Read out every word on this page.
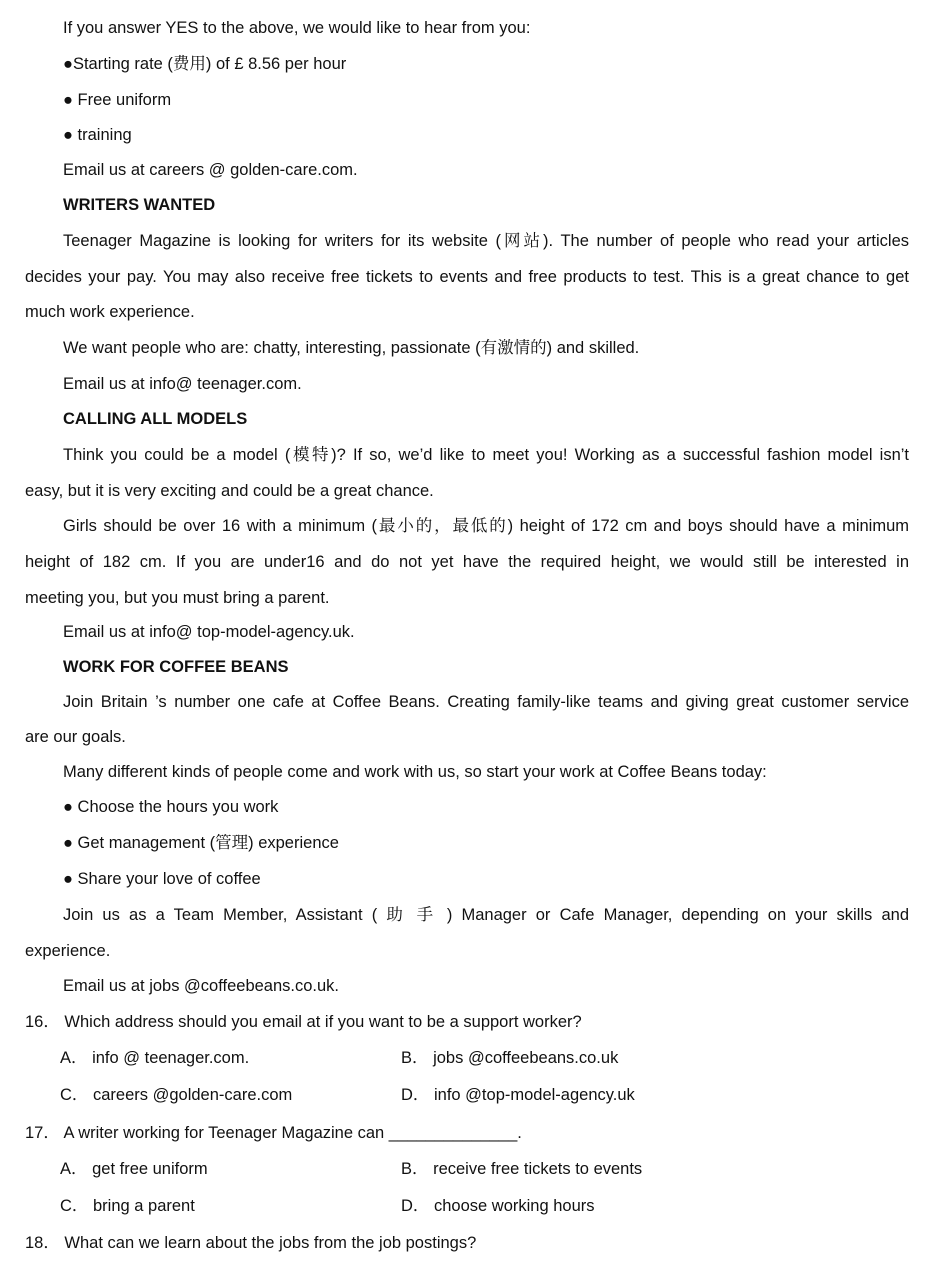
If you answer YES to the above, we would like to hear from you:
●Starting rate (费用) of £ 8.56 per hour
● Free uniform
● training
Email us at careers @ golden-care.com.
WRITERS WANTED
Teenager Magazine is looking for writers for its website (网站). The number of people who read your articles
decides your pay. You may also receive free tickets to events and free products to test. This is a great chance to get
much work experience.
We want people who are: chatty, interesting, passionate (有激情的) and skilled.
Email us at info@ teenager.com.
CALLING ALL MODELS
Think you could be a model (模特)? If so, we’d like to meet you! Working as a successful fashion model isn’t
easy, but it is very exciting and could be a great chance.
Girls should be over 16 with a minimum (最小的，最低的) height of 172 cm and boys should have a minimum
height of 182 cm. If you are under16 and do not yet have the required height, we would still be interested in
meeting you, but you must bring a parent.
Email us at info@ top-model-agency.uk.
WORK FOR COFFEE BEANS
Join Britain ’s number one cafe at Coffee Beans. Creating family-like teams and giving great customer service
are our goals.
Many different kinds of people come and work with us, so start your work at Coffee Beans today:
● Choose the hours you work
● Get management (管理) experience
● Share your love of coffee
Join us as a Team Member, Assistant ( 助 手 ) Manager or Cafe Manager, depending on your skills and
experience.
Email us at jobs @coffeebeans.co.uk.
16． Which address should you email at if you want to be a support worker?
A． info @ teenager.com.	B． jobs @coffeebeans.co.uk
C． careers @golden-care.com	D． info @top-model-agency.uk
17． A writer working for Teenager Magazine can ______________.
A． get free uniform	B． receive free tickets to events
C． bring a parent	D． choose working hours
18． What can we learn about the jobs from the job postings?
